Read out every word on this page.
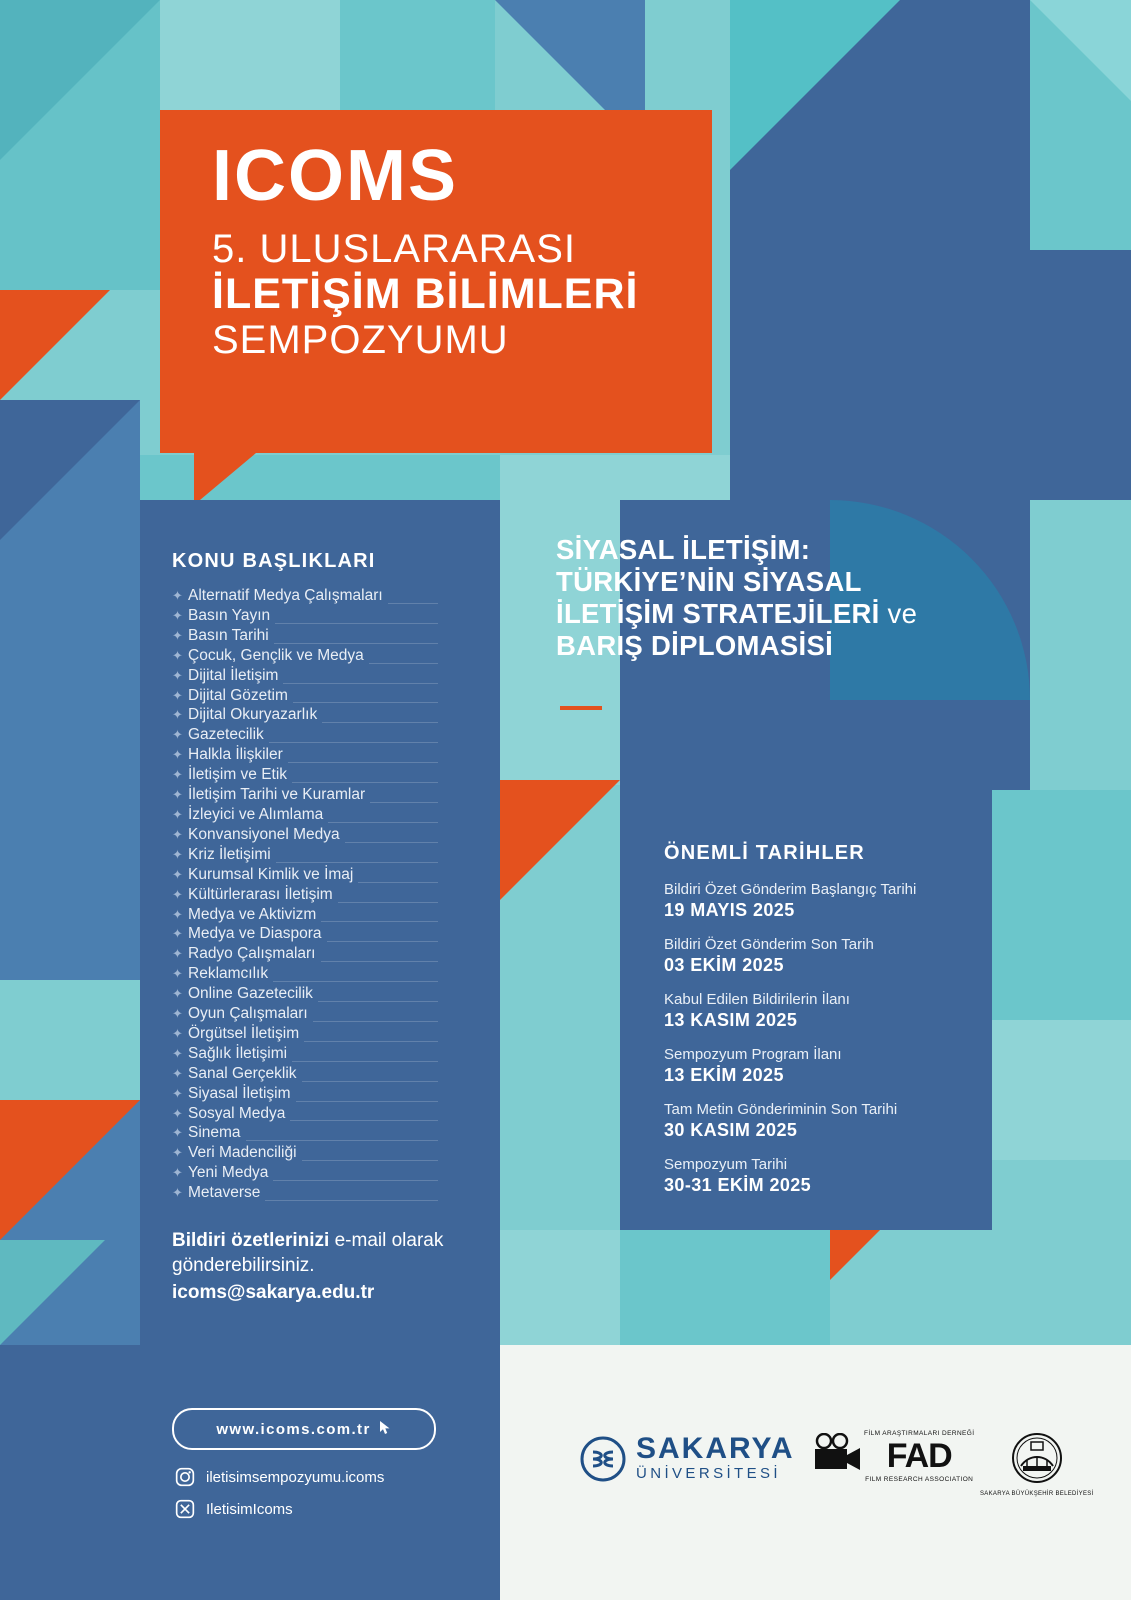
ICOMS
5. ULUSLARARASI
İLETİŞİM BİLİMLERİ
SEMPOZYUMU
KONU BAŞLIKLARI
✦ Alternatif Medya Çalışmaları
✦ Basın Yayın
✦ Basın Tarihi
✦ Çocuk, Gençlik ve Medya
✦ Dijital İletişim
✦ Dijital Gözetim
✦ Dijital Okuryazarlık
✦ Gazetecilik
✦ Halkla İlişkiler
✦ İletişim ve Etik
✦ İletişim Tarihi ve Kuramlar
✦ İzleyici ve Alımlama
✦ Konvansiyonel Medya
✦ Kriz İletişimi
✦ Kurumsal Kimlik ve İmaj
✦ Kültürlerarası İletişim
✦ Medya ve Aktivizm
✦ Medya ve Diaspora
✦ Radyo Çalışmaları
✦ Reklamcılık
✦ Online Gazetecilik
✦ Oyun Çalışmaları
✦ Örgütsel İletişim
✦ Sağlık İletişimi
✦ Sanal Gerçeklik
✦ Siyasal İletişim
✦ Sosyal Medya
✦ Sinema
✦ Veri Madenciliği
✦ Yeni Medya
✦ Metaverse
Bildiri özetlerinizi e-mail olarak gönderebilirsiniz.
icoms@sakarya.edu.tr
SİYASAL İLETİŞİM:
TÜRKİYE’NİN SİYASAL
İLETİŞİM STRATEJİLERİ ve
BARIŞ DİPLOMASİSİ
ÖNEMLİ TARİHLER
Bildiri Özet Gönderim Başlangıç Tarihi
19 MAYIS 2025
Bildiri Özet Gönderim Son Tarih
03 EKİM 2025
Kabul Edilen Bildirilerin İlanı
13 KASIM 2025
Sempozyum Program İlanı
13 EKİM 2025
Tam Metin Gönderiminin Son Tarihi
30 KASIM 2025
Sempozyum Tarihi
30-31 EKİM 2025
www.icoms.com.tr
iletisimsempozyumu.icoms
IletisimIcoms
SAKARYA
ÜNİVERSİTESİ
FİLM ARAŞTIRMALARI DERNEĞİ
FAD
FILM RESEARCH ASSOCIATION
SAKARYA BÜYÜKŞEHİR BELEDİYESİ
